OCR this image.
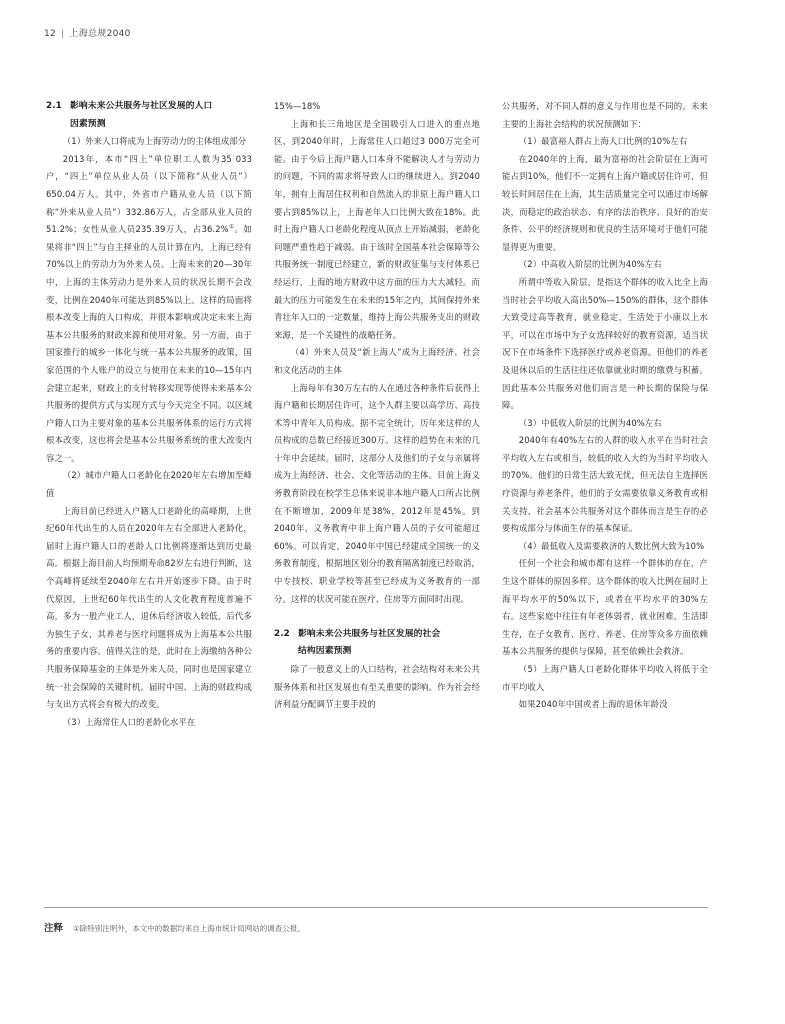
12 | 上海总规2040
2.1 影响未来公共服务与社区发展的人口
因素预测

（1）外来人口将成为上海劳动力的主体组成部分

2013年，本市“四上”单位职工人数为35 033户，“四上”单位从业人员（以下简称“从业人员”）650.04万人。其中，外省市户籍从业人员（以下简称“外来从业人员”）332.86万人，占全部从业人员的51.2%；女性从业人员235.39万人，占36.2%①。如果将非“四上”与自主择业的人员计算在内，上海已经有70%以上的劳动力为外来人员。上海未来的20—30年中，上海的主体劳动力是外来人员的状况长期不会改变，比例在2040年可能达到85%以上。这样的局面将根本改变上海的人口构成，并很本影响或决定未来上海基本公共服务的财政来源和使用对象。另一方面，由于国家推行的城乡一体化与统一基本公共服务的政策，国家范围的个人账户的设立与使用在未来的10—15年内会建立起来，财政上的支付转移实现等使得未来基本公共服务的提供方式与实现方式与今天完全不同。以区域户籍人口为主要对象的基本公共服务体系的运行方式将根本改变，这也将会是基本公共服务系统的重大改变内容之一。

（2）城市户籍人口老龄化在2020年左右增加至峰值

上海目前已经进入户籍人口老龄化的高峰期，上世纪60年代出生的人员在2020年左右全部进入老龄化，届时上海户籍人口的老龄人口比例将逐渐达到历史最高。根据上海目前人均预期寿命82岁左右进行判断，这个高峰将延续至2040年左右并开始逐步下降。由于时代原因，上世纪60年代出生的人文化教育程度普遍不高，多为一般产业工人，退休后经济收入较低，后代多为独生子女，其养老与医疗问题将成为上海基本公共服务的重要内容。值得关注的是，此时在上海缴纳各种公共服务保障基金的主体是外来人员，同时也是国家建立统一社会保障的关键时机。届时中国、上海的财政构成与支出方式将会有极大的改变。

（3）上海常住人口的老龄化水平在

15%—18%

上海和长三角地区是全国吸引人口进入的重点地区，到2040年时，上海常住人口超过3 000万完全可能。由于今后上海户籍人口本身不能解决人才与劳动力的问题，不同的需求将导致人口的继续进入。到2040年，拥有上海居住权利和自然流入的非原上海户籍人口要占到85%以上，上海老年人口比例大致在18%。此时上海户籍人口老龄化程度从顶点上开始减弱，老龄化问题严重性趋于减弱。由于该时全国基本社会保障等公共服务统一制度已经建立，新的财政征集与支付体系已经运行，上海的地方财政中这方面的压力大大减轻。而最大的压力可能发生在未来的15年之内，其间保持外来青壮年人口的一定数量，维持上海公共服务支出的财政来源，是一个关键性的战略任务。

（4）外来人员及“新上海人”成为上海经济、社会和文化活动的主体

上海每年有30万左右的人在通过各种条件后获得上海户籍和长期居住许可，这个人群主要以高学历、高技术等中青年人员构成。据不完全统计，历年来这样的人员构成的总数已经接近300万。这样的趋势在未来的几十年中会延续。届时，这部分人及他们的子女与亲属将成为上海经济、社会、文化等活动的主体。目前上海义务教育阶段在校学生总体来说非本地户籍人口所占比例在不断增加，2009年是38%，2012年是45%。到2040年，义务教育中非上海户籍人员的子女可能超过60%。可以肯定，2040年中国已经建成全国统一的义务教育制度，根据地区划分的教育隔离制度已经取消，中专技校、职业学校等甚至已经成为义务教育的一部分。这样的状况可能在医疗、住房等方面同时出现。

2.2 影响未来公共服务与社区发展的社会
结构因素预测

除了一般意义上的人口结构，社会结构对未来公共服务体系和社区发展也有至关重要的影响。作为社会经济利益分配调节主要手段的

公共服务，对不同人群的意义与作用也是不同的。未来主要的上海社会结构的状况预测如下：

（1）最富裕人群占上海人口比例的10%左右

在2040年的上海，最为富裕的社会阶层在上海可能占到10%，他们不一定拥有上海户籍或居住许可，但较长时间居住在上海，其生活质量完全可以通过市场解决，而稳定的政治状态、有序的法治秩序、良好的治安条件、公平的经济规则和优良的生活环境对于他们可能显得更为重要。

（2）中高收入阶层的比例为40%左右

所谓中等收入阶层，是指这个群体的收入比全上海当时社会平均收入高出50%—150%的群体，这个群体大致受过高等教育，就业稳定，生活处于小康以上水平，可以在市场中为子女选择较好的教育资源，适当状况下在市场条件下选择医疗或养老资源。但他们的养老及退休以后的生活往往还依靠就业时期的缴费与积蓄。因此基本公共服务对他们而言是一种长期的保险与保障。

（3）中低收入阶层的比例为40%左右

2040年有40%左右的人群的收入水平在当时社会平均收入左右或相当，较低的收入大约为当时平均收入的70%。他们的日常生活大致无忧，但无法自主选择医疗资源与养老条件，他们的子女需要依靠义务教育或相关支持，社会基本公共服务对这个群体而言是生存的必要构成部分与体面生存的基本保证。

（4）最低收入及需要救济的人数比例大致为10%

任何一个社会和城市都有这样一个群体的存在，产生这个群体的原因多样。这个群体的收入比例在届时上海平均水平的50%以下，或者在平均水平的30%左右。这些家庭中往往有年老体弱者，就业困难，生活即生存，在子女教育、医疗、养老、住房等众多方面依赖基本公共服务的提供与保障，甚至依赖社会救济。

（5）上海户籍人口老龄化群体平均收入将低于全市平均收入

如果2040年中国或者上海的退休年龄没

注释 ①除特别注明外，本文中的数据均来自上海市统计局网站的调查公报。
